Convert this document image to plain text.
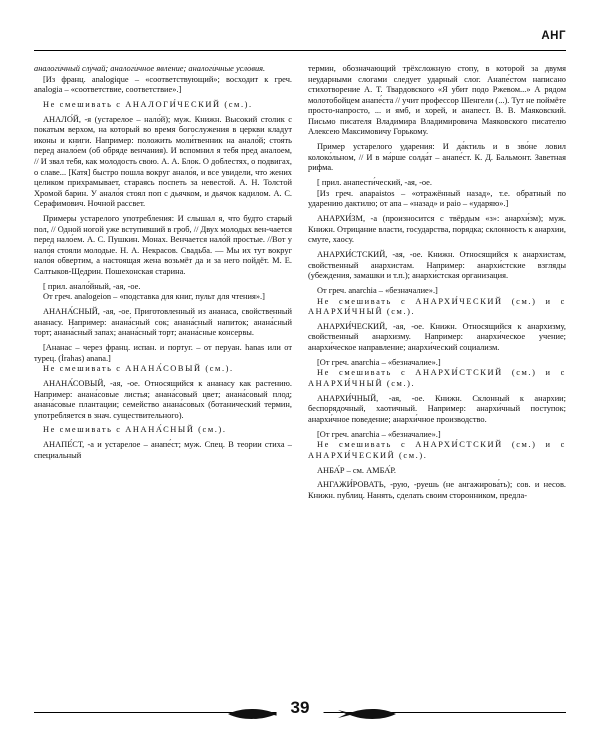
АНГ

аналоги́чный слу́чай; аналоги́чное явле́ние; аналоги́чные усло́вия.

[Из франц. analogique – «соответствующий»; восходит к греч. analogia – «соответствие, соответствие».]

Не смешивать с АНАЛОГИ́ЧЕСКИЙ (см.).

АНАЛО́Й, -я (устарелое – нало́й); муж. Книжн. Высокий столик с покатым верхом, на который во время богослужения в церкви кладут иконы и книги. Например: положить моли́твенник на анало́й; стоя́ть перед анало́ем (об обряде венчания). И вспомнил я тебя пред аналоем, // И звал тебя, как молодость свою. А. А. Блок. О доблестях, о подвигах, о славе... [Катя] быстро пошла вокруг анало́я, и все увидели, что жених целиком прихрамывает, стараясь поспеть за невестой. А. Н. Толстой Хромой барин. У анало́я стоял поп с дьячком, и дьячок кадилом. А. С. Серафимович. Ночной рассвет.

Примеры устарелого употребления: И слышал я, что будто старый пол, // Одной ногой уже вступивший в гроб, // Двух молодых вен-чается перед нало́ем. А. С. Пушкин. Монах. Венчается нало́й простые. //Вот у нало́я стояли молодые. Н. А. Некрасов. Свадьба. — Мы их тут вокруг нало́я обвертим, а настоящая жена возьмёт да и за него пойдёт. М. Е. Салтыков-Щедрин. Пошехонская старина.

[ прил. анало́йный, -ая, -ое.

От греч. analogeion – «подставка для книг, пульт для чтения».]

АНАНА́СНЫЙ, -ая, -ое. Приготовленный из ананаса, свойственный ананасу. Например: анана́сный сок; анана́сный напиток; анана́сный торт; анана́сный запах; анана́сный торт; анана́сные консервы.

[Ананас – через франц. испан. и португ. – от перуан. hanas или от турец. (İrahas) anana.]

Не смешивать с АНАНА́СОВЫЙ (см.).

АНАНА́СОВЫЙ, -ая, -ое. Относящийся к ананасу как растению. Например: анана́совые листья; анана́совый цвет; анана́совый плод; анана́совые плантации; семейство анана́совых (ботанический термин, употребляется в знач. существительного).

Не смешивать с АНАНА́СНЫЙ (см.).

АНАПЕ́СТ, -а и устарелое – анапе́ст; муж. Спец. В теории стиха – специальный

термин, обозначающий трёхсложную стопу, в которой за двумя неударными слогами следует ударный слог. Анапе́стом написано стихотворение А. Т. Твардовского «Я убит подо Ржевом...» А рядом молотобойцем анапе́ста // учит профессор Шенгели (...). Тут не поймёте просто-напросто, ... и ямб, и хорей, и анапест. В. В. Маяковский. Письмо писателя Владимира Владимировича Маяковского писателю Алексею Максимовичу Горькому.

Пример устарелого ударения: И да́ктиль и в зво́не ловил колоко́льном, // И в ма́рше солда́т – анапе́ст. К. Д. Бальмонт. Заветная рифма.

[ прил. анапести́ческий, -ая, -ое.

[Из греч. anapaistos – «отражённый назад», т.е. обратный по ударению дактилю; от апа – «назад» и paio – «ударяю».]

АНАРХИ́ЗМ, -а (произносится с твёрдым «з»: анархи́зм); муж. Книжн. Отрицание власти, государства, порядка; склонность к анархии, смуте, хаосу.

АНАРХИ́СТСКИЙ, -ая, -ое. Книжн. Относящийся к анархистам, свойственный анархистам. Например: анархи́стские взгляды (убеждения, замашки и т.п.); анархи́стская организация.

От греч. anarchia – «безначалие».]

Не смешивать с АНАРХИ́ЧЕСКИЙ (см.) и с АНАРХИ́ЧНЫЙ (см.).

АНАРХИ́ЧЕСКИЙ, -ая, -ое. Книжн. Относящийся к анархизму, свойственный анархизму. Например: анархи́ческое учение; анархи́ческое направление; анархи́ческий социализм.

[От греч. anarchia – «безначалие».]

Не смешивать с АНАРХИ́СТСКИЙ (см.) и с АНАРХИ́ЧНЫЙ (см.).

АНАРХИ́ЧНЫЙ, -ая, -ое. Книжн. Склонный к анархии; беспорядочный, хаотичный. Например: анархи́чный поступок; анархи́чное поведение; анархи́чное производство.

[От греч. anarchia – «безначалие».]

Не смешивать с АНАРХИ́СТСКИЙ (см.) и с АНАРХИ́ЧЕСКИЙ (см.).

АНБА́Р – см. АМБА́Р.

АНГАЖИ́РОВАТЬ, -рую, -руешь (не ангажирова́ть); сов. и несов. Книжн. публиц. Нанять, сделать своим сторонником, предла-

39
